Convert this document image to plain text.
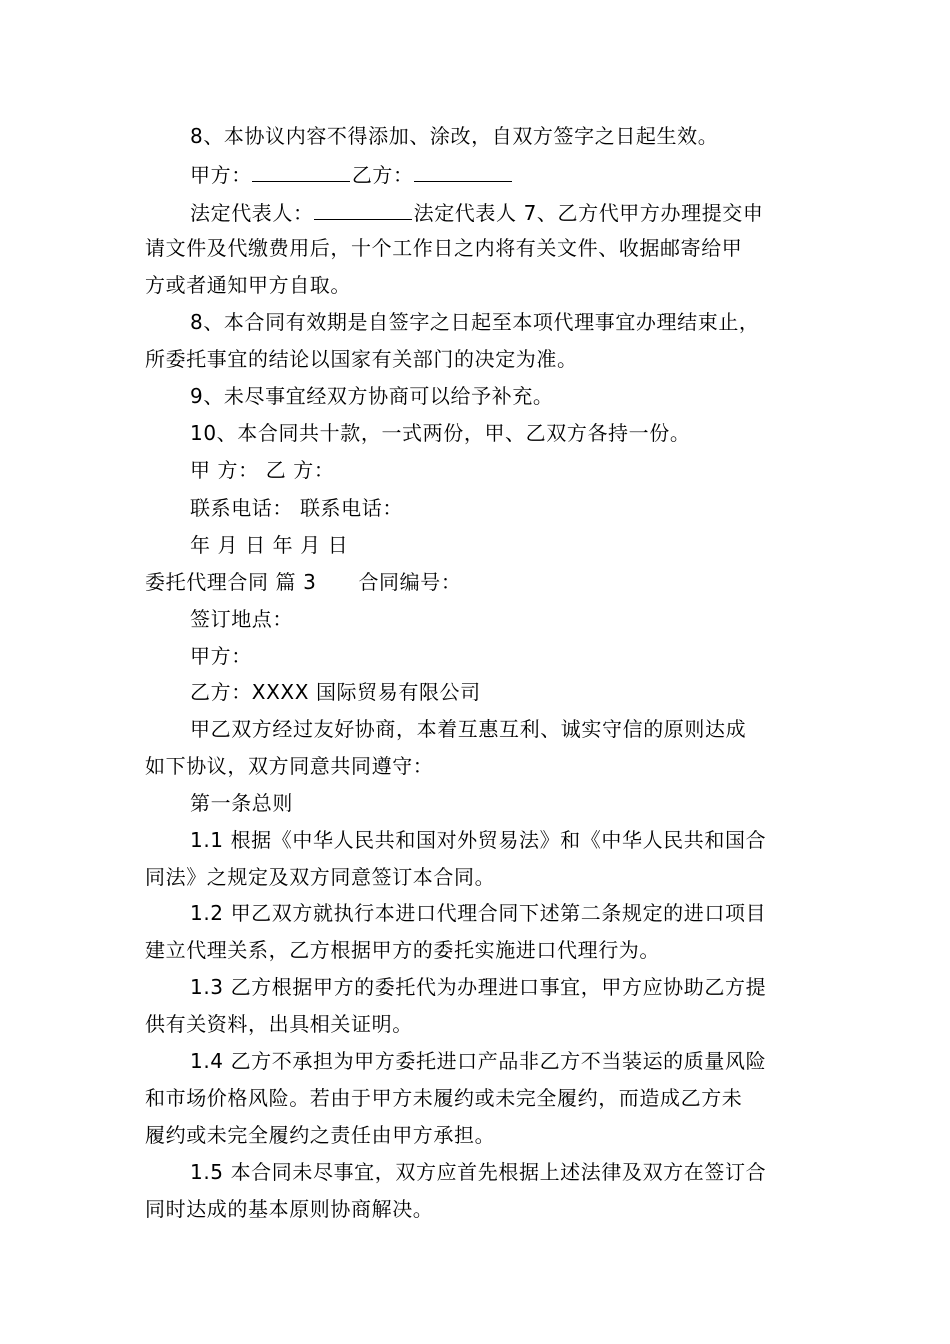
8、本协议内容不得添加、涂改，自双方签字之日起生效。
甲方：	乙方：
法定代表人：	法定代表人 7、乙方代甲方办理提交申
请文件及代缴费用后，十个工作日之内将有关文件、收据邮寄给甲
方或者通知甲方自取。
8、本合同有效期是自签字之日起至本项代理事宜办理结束止，
所委托事宜的结论以国家有关部门的决定为准。
9、未尽事宜经双方协商可以给予补充。
10、本合同共十款，一式两份，甲、乙双方各持一份。
甲 方： 乙 方：
联系电话： 联系电话：
年 月 日 年 月 日
委托代理合同 篇 3 合同编号：
签订地点：
甲方：
乙方：XXXX 国际贸易有限公司
甲乙双方经过友好协商，本着互惠互利、诚实守信的原则达成
如下协议，双方同意共同遵守：
第一条总则
1.1 根据《中华人民共和国对外贸易法》和《中华人民共和国合
同法》之规定及双方同意签订本合同。
1.2 甲乙双方就执行本进口代理合同下述第二条规定的进口项目
建立代理关系，乙方根据甲方的委托实施进口代理行为。
1.3 乙方根据甲方的委托代为办理进口事宜，甲方应协助乙方提
供有关资料，出具相关证明。
1.4 乙方不承担为甲方委托进口产品非乙方不当装运的质量风险
和市场价格风险。若由于甲方未履约或未完全履约，而造成乙方未
履约或未完全履约之责任由甲方承担。
1.5 本合同未尽事宜，双方应首先根据上述法律及双方在签订合
同时达成的基本原则协商解决。
